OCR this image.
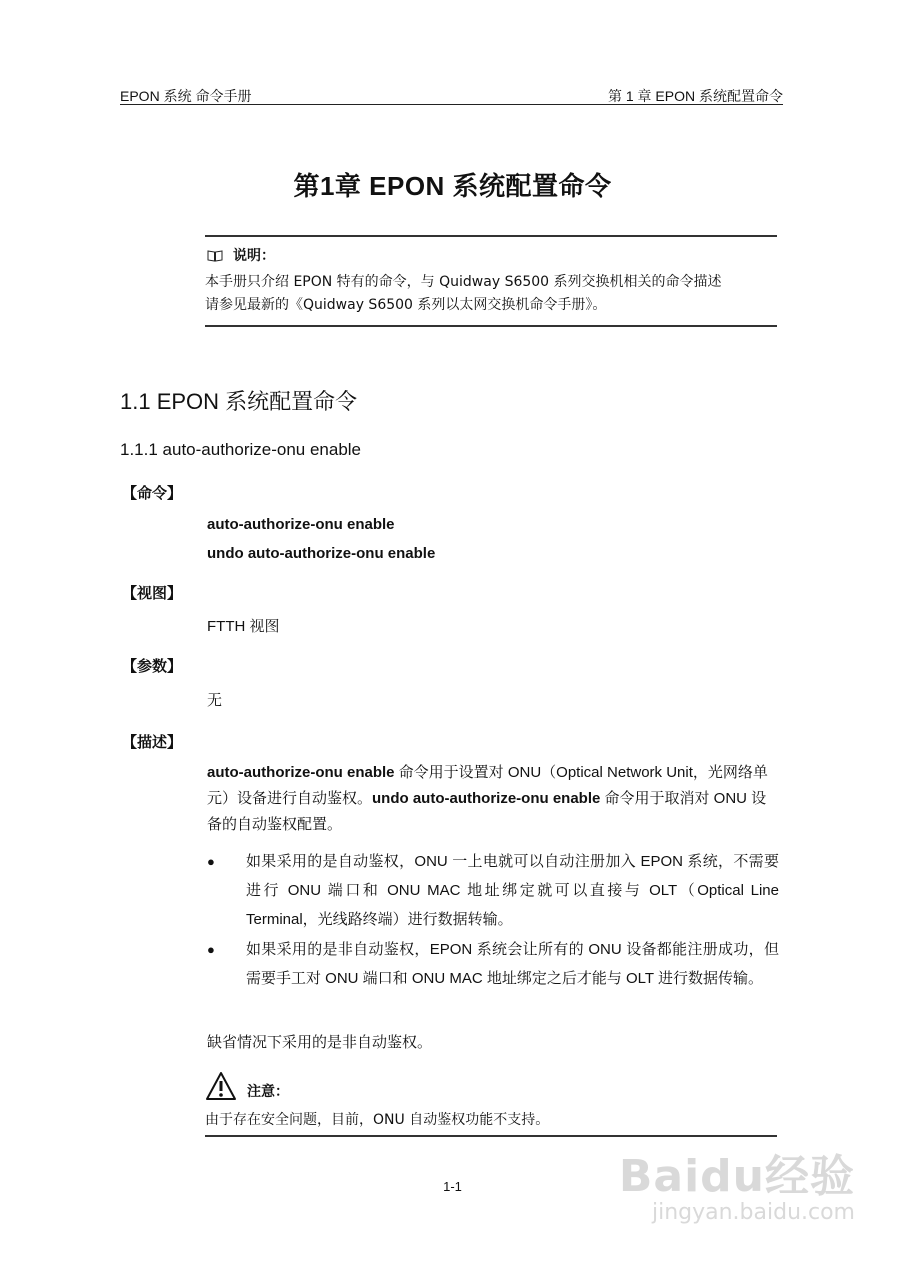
EPON 系统 命令手册	第 1 章 EPON 系统配置命令
第1章 EPON 系统配置命令
说明：
本手册只介绍 EPON 特有的命令，与 Quidway S6500 系列交换机相关的命令描述
请参见最新的《Quidway S6500 系列以太网交换机命令手册》。
1.1 EPON 系统配置命令
1.1.1 auto-authorize-onu enable
【命令】
auto-authorize-onu enable
undo auto-authorize-onu enable
【视图】
FTTH 视图
【参数】
无
【描述】
auto-authorize-onu enable 命令用于设置对 ONU（Optical Network Unit，光网络单元）设备进行自动鉴权。undo auto-authorize-onu enable 命令用于取消对 ONU 设备的自动鉴权配置。
● 如果采用的是自动鉴权，ONU 一上电就可以自动注册加入 EPON 系统，不需要进行 ONU 端口和 ONU MAC 地址绑定就可以直接与 OLT（Optical Line Terminal，光线路终端）进行数据转输。
● 如果采用的是非自动鉴权，EPON 系统会让所有的 ONU 设备都能注册成功，但需要手工对 ONU 端口和 ONU MAC 地址绑定之后才能与 OLT 进行数据传输。
缺省情况下采用的是非自动鉴权。
注意：
由于存在安全问题，目前，ONU 自动鉴权功能不支持。
1-1	Baidu经验
jingyan.baidu.com
